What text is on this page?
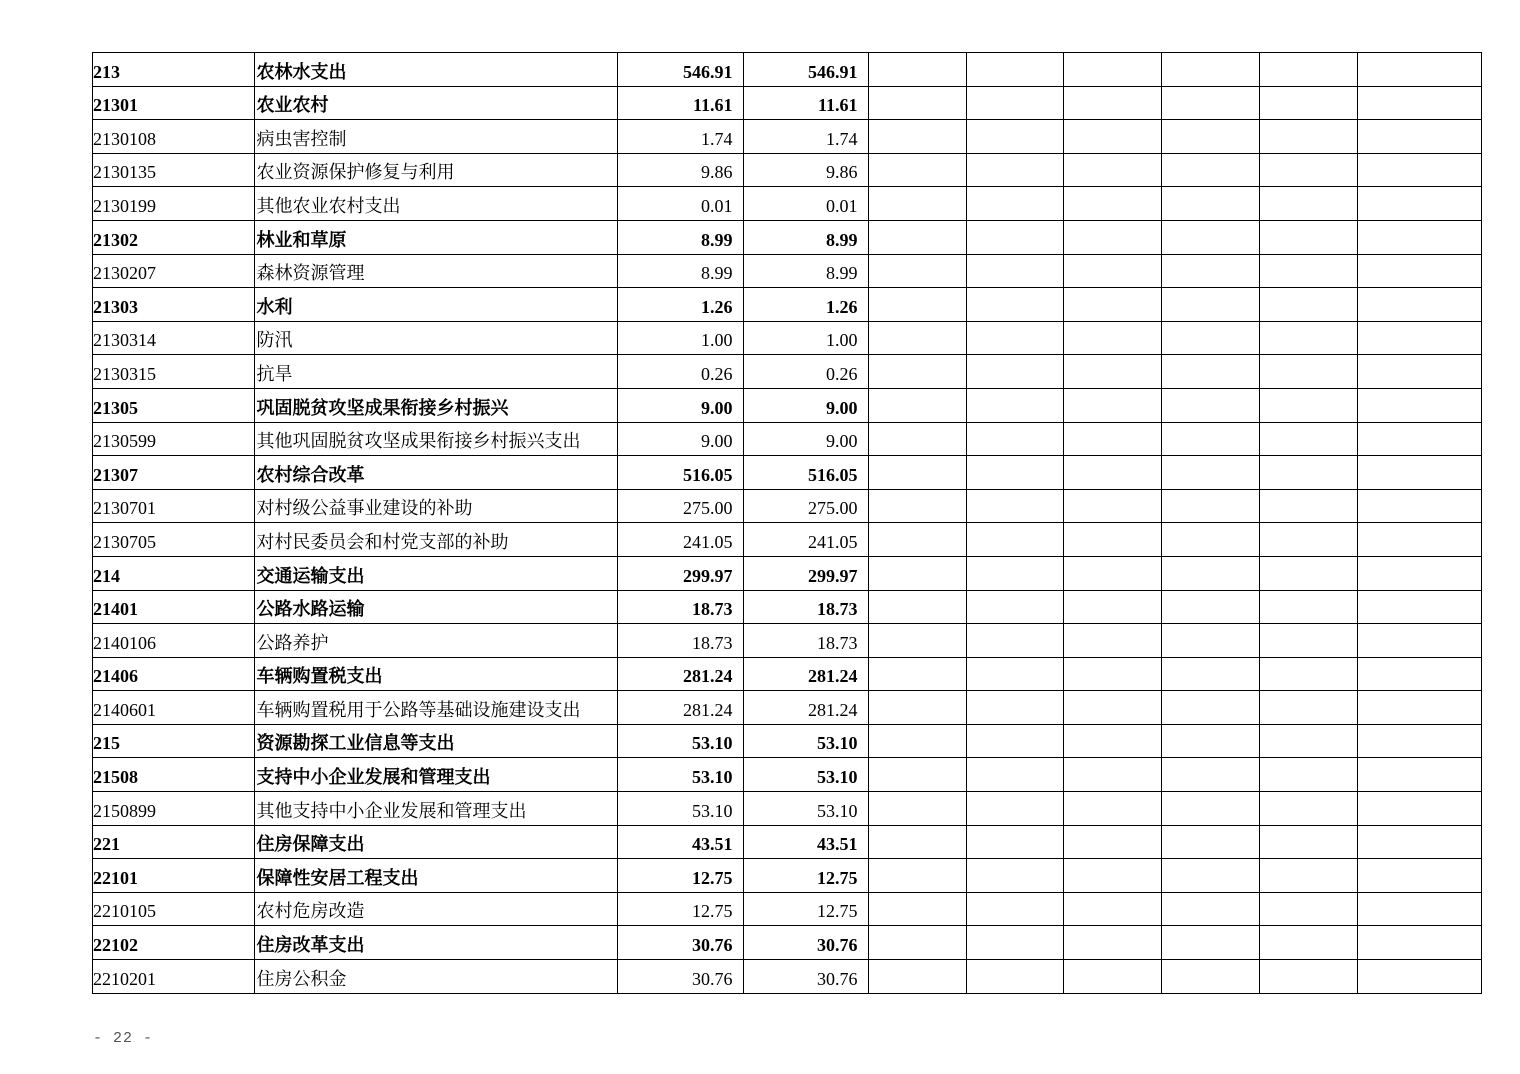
213	农林水支出	546.91	546.91						
21301	农业农村	11.61	11.61						
2130108	病虫害控制	1.74	1.74						
2130135	农业资源保护修复与利用	9.86	9.86						
2130199	其他农业农村支出	0.01	0.01						
21302	林业和草原	8.99	8.99						
2130207	森林资源管理	8.99	8.99						
21303	水利	1.26	1.26						
2130314	防汛	1.00	1.00						
2130315	抗旱	0.26	0.26						
21305	巩固脱贫攻坚成果衔接乡村振兴	9.00	9.00						
2130599	其他巩固脱贫攻坚成果衔接乡村振兴支出	9.00	9.00						
21307	农村综合改革	516.05	516.05						
2130701	对村级公益事业建设的补助	275.00	275.00						
2130705	对村民委员会和村党支部的补助	241.05	241.05						
214	交通运输支出	299.97	299.97						
21401	公路水路运输	18.73	18.73						
2140106	公路养护	18.73	18.73						
21406	车辆购置税支出	281.24	281.24						
2140601	车辆购置税用于公路等基础设施建设支出	281.24	281.24						
215	资源勘探工业信息等支出	53.10	53.10						
21508	支持中小企业发展和管理支出	53.10	53.10						
2150899	其他支持中小企业发展和管理支出	53.10	53.10						
221	住房保障支出	43.51	43.51						
22101	保障性安居工程支出	12.75	12.75						
2210105	农村危房改造	12.75	12.75						
22102	住房改革支出	30.76	30.76						
2210201	住房公积金	30.76	30.76						
- 22 -
